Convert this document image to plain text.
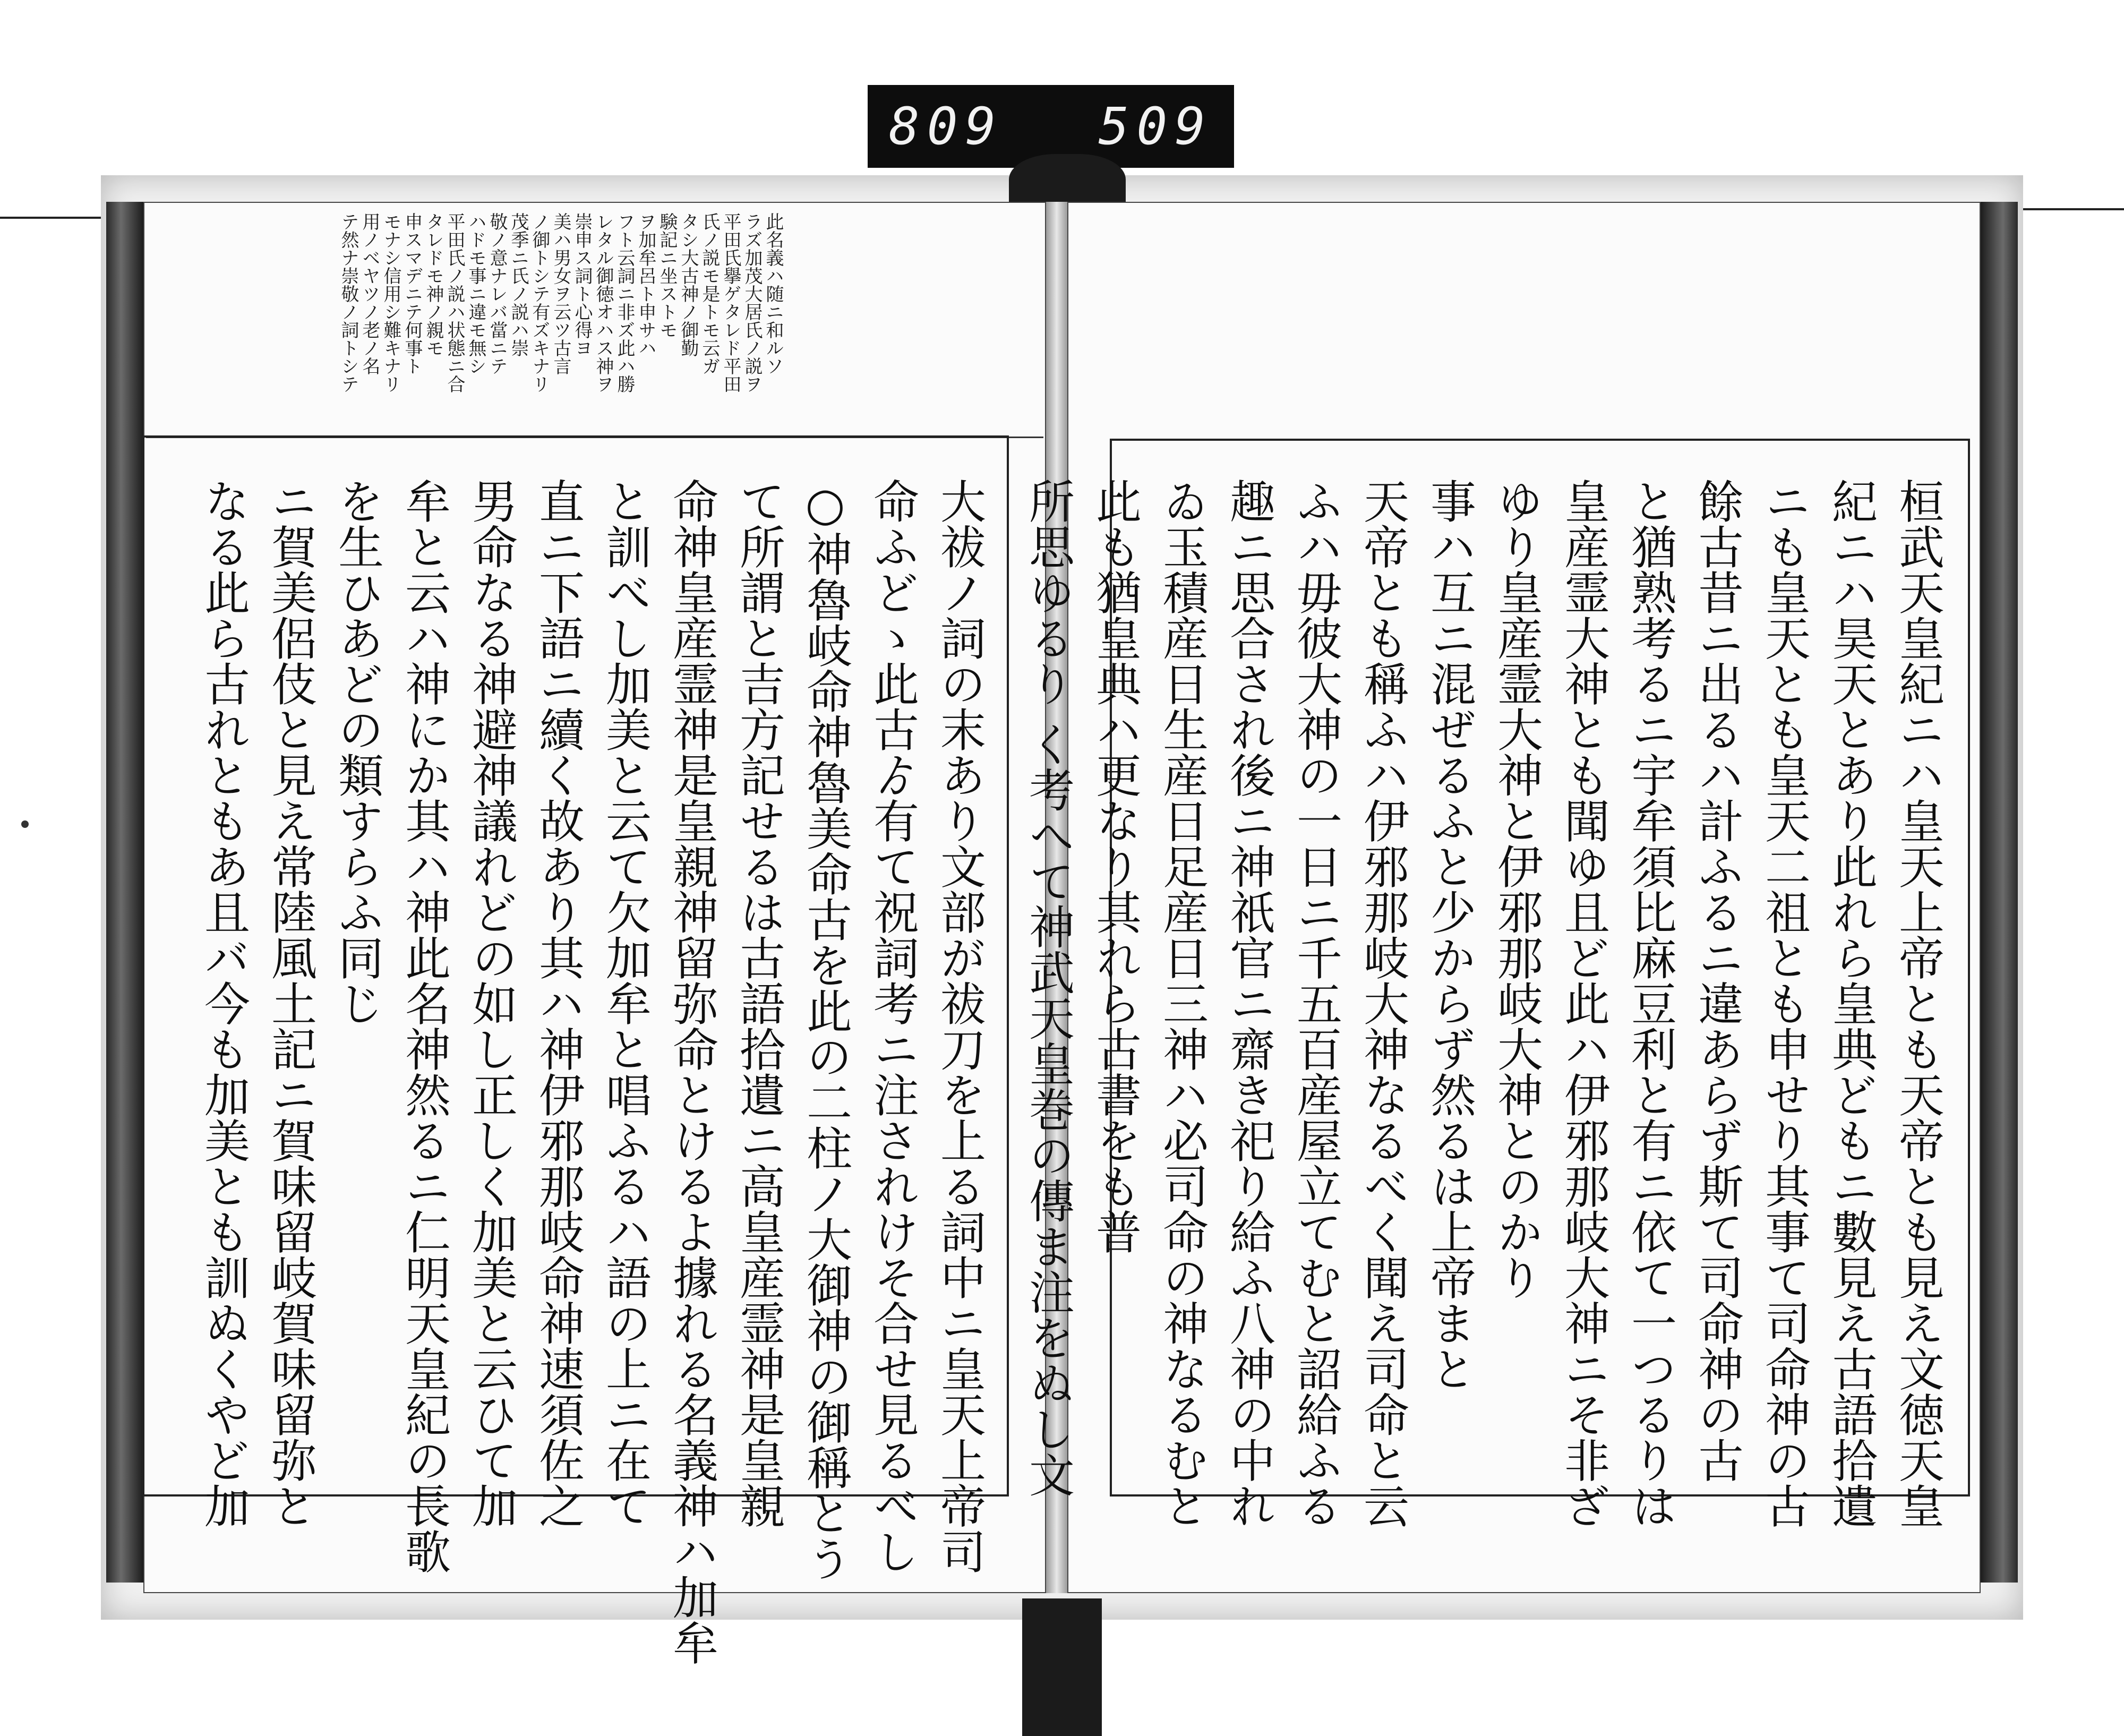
809 509
此名義ハ随ニ和ルソ
ラズ加茂大居氏ノ説ヲ
平田氏擧ゲタレド平田
氏ノ説モ是トモ云ガ
タシ大古神ノ御勤
験記ニ坐ストモ
ヲ加牟呂ト申サハ
フト云詞ニ非ズ此ハ勝
レタル御徳オハス神ヲ
崇申ス詞ト心得ヨ
美ハ男女ヲ云ツ古言
ノ御トシテ有ズキナリ
茂季ニ氏ノ説ハ崇
敬ノ意ナレバ當ニテ
ハドモ事ニ違モ無シ
平田氏ノ説ハ状態ニ合
タレドモ神ノ親モ
申スマデニテ何事ト
モナシ信用シ難キナリ
用ノベヤツノ老ノ名
テ然ナ崇敬ノ詞トシテ
大祓ノ詞の末あり文部が祓刀を上る詞中ニ皇天上帝司
命ふどゝ此古ゟ有て祝詞考ニ注されけそ合せ見るべし
○神魯岐命神魯美命古を此の二柱ノ大御神の御稱とう
て所謂と吉方記せるは古語拾遺ニ高皇産霊神是皇親
命神皇産霊神是皇親神留弥命とけるよ據れる名義神ハ加牟
と訓べし加美と云て欠加牟と唱ふるハ語の上ニ在て
直ニ下語ニ續く故あり其ハ神伊邪那岐命神速須佐之
男命なる神避神議れどの如し正しく加美と云ひて加
牟と云ハ神にか其ハ神此名神然るニ仁明天皇紀の長歌
を生ひあどの類すらふ同じ
ニ賀美侶伎と見え常陸風土記ニ賀味留岐賀味留弥と
なる此ら古れともあ且バ今も加美とも訓ぬくやど加	桓武天皇紀ニハ皇天上帝とも天帝とも見え文徳天皇
紀ニハ昊天とあり此れら皇典どもニ數見え古語拾遺
ニも皇天とも皇天二祖とも申せり其事て司命神の古
餘古昔ニ出るハ計ふるニ違あらず斯て司命神の古
と猶熟考るニ宇牟須比麻豆利と有ニ依て一つるりは
皇産霊大神とも聞ゆ且ど此ハ伊邪那岐大神ニそ非ざ
ゆり皇産霊大神と伊邪那岐大神とのかり
事ハ互ニ混ぜるふと少からず然るは上帝まと
天帝とも稱ふハ伊邪那岐大神なるべく聞え司命と云
ふハ毋彼大神の一日ニ千五百産屋立てむと詔給ふる
趣ニ思合され後ニ神祇官ニ齋き祀り給ふ八神の中れ
ゐ玉積産日生産日足産日三神ハ必司命の神なるむと
此も猶皇典ハ更なり其れら古書をも普
所思ゆるり く考へて神武天皇巻の傳ま注をぬし文
